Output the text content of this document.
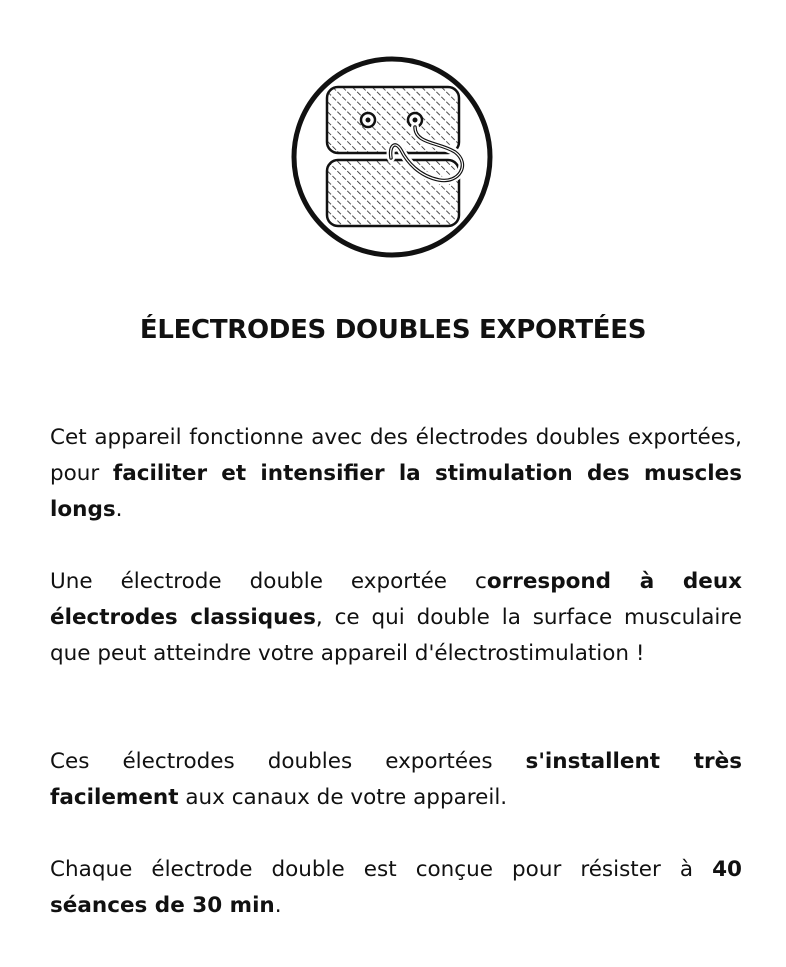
ÉLECTRODES DOUBLES EXPORTÉES

Cet appareil fonctionne avec des électrodes doubles exportées, pour faciliter et intensifier la stimulation des muscles longs.

Une électrode double exportée correspond à deux électrodes classiques, ce qui double la surface musculaire que peut atteindre votre appareil d'électrostimulation !

Ces électrodes doubles exportées s'installent très facilement aux canaux de votre appareil.

Chaque électrode double est conçue pour résister à 40 séances de 30 min.
